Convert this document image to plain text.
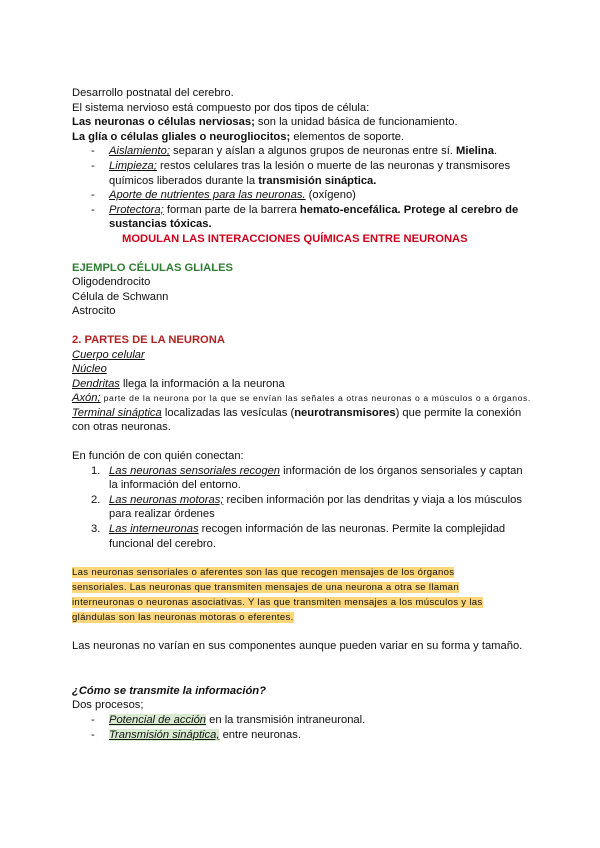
Desarrollo postnatal del cerebro.

El sistema nervioso está compuesto por dos tipos de célula:

Las neuronas o células nerviosas; son la unidad básica de funcionamiento.

La glía o células gliales o neurogliocitos; elementos de soporte.

- Aislamiento; separan y aíslan a algunos grupos de neuronas entre sí. Mielina.
- Limpieza; restos celulares tras la lesión o muerte de las neuronas y transmisores químicos liberados durante la transmisión sináptica.
- Aporte de nutrientes para las neuronas. (oxígeno)
- Protectora; forman parte de la barrera hemato-encefálica. Protege al cerebro de sustancias tóxicas.

MODULAN LAS INTERACCIONES QUÍMICAS ENTRE NEURONAS

EJEMPLO CÉLULAS GLIALES

Oligodendrocito

Célula de Schwann

Astrocito

2. PARTES DE LA NEURONA

Cuerpo celular

Núcleo

Dendritas llega la información a la neurona

Axón; parte de la neurona por la que se envían las señales a otras neuronas o a músculos o a órganos.

Terminal sináptica localizadas las vesículas (neurotransmisores) que permite la conexión con otras neuronas.

En función de con quién conectan:

1. Las neuronas sensoriales recogen información de los órganos sensoriales y captan la información del entorno.
2. Las neuronas motoras; reciben información por las dendritas y viaja a los músculos para realizar órdenes
3. Las interneuronas recogen información de las neuronas. Permite la complejidad funcional del cerebro.
Las neuronas sensoriales o aferentes son las que recogen mensajes de los órganos
sensoriales. Las neuronas que transmiten mensajes de una neurona a otra se llaman
interneuronas o neuronas asociativas. Y las que transmiten mensajes a los músculos y las
glándulas son las neuronas motoras o eferentes.

Las neuronas no varían en sus componentes aunque pueden variar en su forma y tamaño.

¿Cómo se transmite la información?

Dos procesos;

- Potencial de acción en la transmisión intraneuronal.
- Transmisión sináptica, entre neuronas.
